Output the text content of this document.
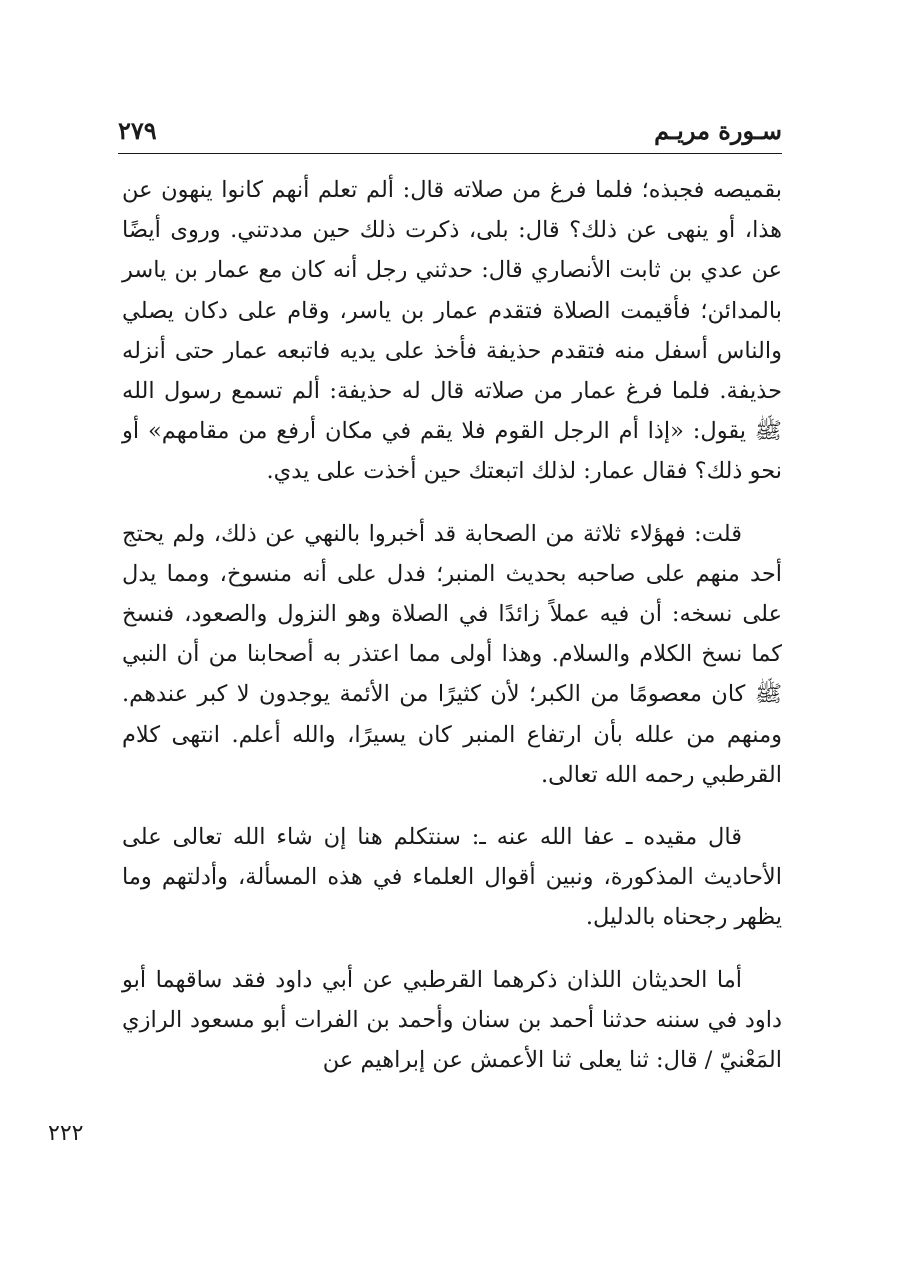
سـورة مريـم
٢٧٩

بقميصه فجبذه؛ فلما فرغ من صلاته قال: ألم تعلم أنهم كانوا ينهون عن هذا، أو ينهى عن ذلك؟ قال: بلى، ذكرت ذلك حين مددتني. وروى أيضًا عن عدي بن ثابت الأنصاري قال: حدثني رجل أنه كان مع عمار بن ياسر بالمدائن؛ فأقيمت الصلاة فتقدم عمار بن ياسر، وقام على دكان يصلي والناس أسفل منه فتقدم حذيفة فأخذ على يديه فاتبعه عمار حتى أنزله حذيفة. فلما فرغ عمار من صلاته قال له حذيفة: ألم تسمع رسول الله ﷺ يقول: «إذا أم الرجل القوم فلا يقم في مكان أرفع من مقامهم» أو نحو ذلك؟ فقال عمار: لذلك اتبعتك حين أخذت على يدي.

قلت: فهؤلاء ثلاثة من الصحابة قد أخبروا بالنهي عن ذلك، ولم يحتج أحد منهم على صاحبه بحديث المنبر؛ فدل على أنه منسوخ، ومما يدل على نسخه: أن فيه عملاً زائدًا في الصلاة وهو النزول والصعود، فنسخ كما نسخ الكلام والسلام. وهذا أولى مما اعتذر به أصحابنا من أن النبي ﷺ كان معصومًا من الكبر؛ لأن كثيرًا من الأئمة يوجدون لا كبر عندهم. ومنهم من علله بأن ارتفاع المنبر كان يسيرًا، والله أعلم. انتهى كلام القرطبي رحمه الله تعالى.

قال مقيده ـ عفا الله عنه ـ: سنتكلم هنا إن شاء الله تعالى على الأحاديث المذكورة، ونبين أقوال العلماء في هذه المسألة، وأدلتهم وما يظهر رجحناه بالدليل.

أما الحديثان اللذان ذكرهما القرطبي عن أبي داود فقد ساقهما أبو داود في سننه حدثنا أحمد بن سنان وأحمد بن الفرات أبو مسعود الرازي المَعْنيّ / قال: ثنا يعلى ثنا الأعمش عن إبراهيم عن

٢٢٢
